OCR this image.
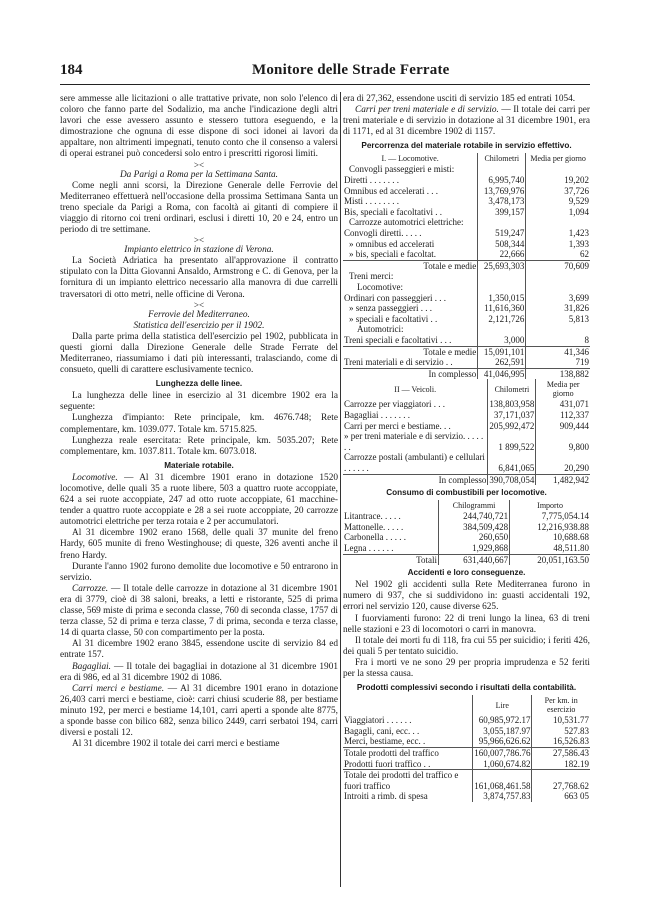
184	Monitore delle Strade Ferrate

sere ammesse alle licitazioni o alle trattative private, non solo l'elenco di coloro che fanno parte del Sodalizio, ma anche l'indicazione degli altri lavori che esse avessero assunto e stessero tuttora eseguendo, e la dimostrazione che ognuna di esse dispone di soci idonei ai lavori da appaltare, non altrimenti impegnati, tenuto conto che il consenso a valersi di operai estranei può concedersi solo entro i prescritti rigorosi limiti.

><

Da Parigi a Roma per la Settimana Santa.

Come negli anni scorsi, la Direzione Generale delle Ferrovie del Mediterraneo effettuerà nell'occasione della prossima Settimana Santa un treno speciale da Parigi a Roma, con facoltà ai gitanti di compiere il viaggio di ritorno coi treni ordinari, esclusi i diretti 10, 20 e 24, entro un periodo di tre settimane.

><

Impianto elettrico in stazione di Verona.

La Società Adriatica ha presentato all'approvazione il contratto stipulato con la Ditta Giovanni Ansaldo, Armstrong e C. di Genova, per la fornitura di un impianto elettrico necessario alla manovra di due carrelli traversatori di otto metri, nelle officine di Verona.

><

Ferrovie del Mediterraneo.

Statistica dell'esercizio per il 1902.

Dalla parte prima della statistica dell'esercizio pel 1902, pubblicata in questi giorni dalla Direzione Generale delle Strade Ferrate del Mediterraneo, riassumiamo i dati più interessanti, tralasciando, come di consueto, quelli di carattere esclusivamente tecnico.

Lunghezza delle linee.

La lunghezza delle linee in esercizio al 31 dicembre 1902 era la seguente:

Lunghezza d'impianto: Rete principale, km. 4676.748; Rete complementare, km. 1039.077. Totale km. 5715.825.

Lunghezza reale esercitata: Rete principale, km. 5035.207; Rete complementare, km. 1037.811. Totale km. 6073.018.

Materiale rotabile.

Locomotive. — Al 31 dicembre 1901 erano in dotazione 1520 locomotive, delle quali 35 a ruote libere, 503 a quattro ruote accoppiate, 624 a sei ruote accoppiate, 247 ad otto ruote accoppiate, 61 macchine-tender a quattro ruote accoppiate e 28 a sei ruote accoppiate, 20 carrozze automotrici elettriche per terza rotaia e 2 per accumulatori.

Al 31 dicembre 1902 erano 1568, delle quali 37 munite del freno Hardy, 605 munite di freno Westinghouse; di queste, 326 aventi anche il freno Hardy.

Durante l'anno 1902 furono demolite due locomotive e 50 entrarono in servizio.

Carrozze. — Il totale delle carrozze in dotazione al 31 dicembre 1901 era di 3779, cioè di 38 saloni, breaks, a letti e ristorante, 525 di prima classe, 569 miste di prima e seconda classe, 760 di seconda classe, 1757 di terza classe, 52 di prima e terza classe, 7 di prima, seconda e terza classe, 14 di quarta classe, 50 con compartimento per la posta.

Al 31 dicembre 1902 erano 3845, essendone uscite di servizio 84 ed entrate 157.

Bagagliai. — Il totale dei bagagliai in dotazione al 31 dicembre 1901 era di 986, ed al 31 dicembre 1902 di 1086.

Carri merci e bestiame. — Al 31 dicembre 1901 erano in dotazione 26,403 carri merci e bestiame, cioè: carri chiusi scuderie 88, per bestiame minuto 192, per merci e bestiame 14,101, carri aperti a sponde alte 8775, a sponde basse con bilico 682, senza bilico 2449, carri serbatoi 194, carri diversi e postali 12.

Al 31 dicembre 1902 il totale dei carri merci e bestiame

era di 27,362, essendone usciti di servizio 185 ed entrati 1054.

Carri per treni materiale e di servizio. — Il totale dei carri per treni materiale e di servizio in dotazione al 31 dicembre 1901, era di 1171, ed al 31 dicembre 1902 di 1157.

Percorrenza del materiale rotabile in servizio effettivo.

I. — Locomotive.	Chilometri	Media per giorno
Convogli passeggieri e misti:		
Diretti . . . . . . .	6,995,740	19,202
Omnibus ed accelerati . . .	13,769,976	37,726
Misti . . . . . . . .	3,478,173	9,529
Bis, speciali e facoltativi . .	399,157	1,094
Carrozze automotrici elettriche:		
Convogli diretti. . . . .	519,247	1,423
» omnibus ed accelerati	508,344	1,393
» bis, speciali e facoltat.	22,666	62
Totale e medie	25,693,303	70,609
Treni merci:		
Locomotive:		
Ordinari con passeggieri . . .	1,350,015	3,699
» senza passeggieri . . .	11,616,360	31,826
» speciali e facoltativi . .	2,121,726	5,813
Automotrici:		
Treni speciali e facoltativi . . .	3,000	8
Totale e medie	15,091,101	41,346
Treni materiali e di servizio . .	262,591	719
In complesso	41,046,995	138,882
II — Veicoli.	Chilometri	Media per giorno
Carrozze per viaggiatori . . .	138,803,958	431,071
Bagagliai . . . . . . .	37,171,037	112,337
Carri per merci e bestiame. . .	205,992,472	909,444
» per treni materiale e di servizio. . . . . . .	1 899,522	9,800
Carrozze postali (ambulanti) e cellulari . . . . . .	6,841,065	20,290
In complesso	390,708,054	1,482,942

Consumo di combustibili per locomotive.

	Chilogrammi	Importo
Litantrace. . . . .	244,740,721	7,775,054.14
Mattonelle. . . . .	384,509,428	12,216,938.88
Carbonella . . . . .	260,650	10,688.68
Legna . . . . . .	1,929,868	48,511.80
Totali	631,440,667	20,051,163.50

Accidenti e loro conseguenze.

Nel 1902 gli accidenti sulla Rete Mediterranea furono in numero di 937, che si suddividono in: guasti accidentali 192, errori nel servizio 120, cause diverse 625.

I fuorviamenti furono: 22 di treni lungo la linea, 63 di treni nelle stazioni e 23 di locomotori o carri in manovra.

Il totale dei morti fu di 118, fra cui 55 per suicidio; i feriti 426, dei quali 5 per tentato suicidio.

Fra i morti ve ne sono 29 per propria imprudenza e 52 feriti per la stessa causa.

Prodotti complessivi secondo i risultati della contabilità.

	Lire	Per km. in esercizio
Viaggiatori . . . . . .	60,985,972.17	10,531.77
Bagagli, cani, ecc. . .	3,055,187.97	527.83
Merci, bestiame, ecc. .	95,966,626.62	16,526.83
Totale prodotti del traffico	160,007,786.76	27,586.43
Prodotti fuori traffico . .	1,060,674.82	182.19
Totale dei prodotti del traffico e fuori traffico	161,068,461.58	27,768.62
Introiti a rimb. di spesa	3,874,757.83	663 05
